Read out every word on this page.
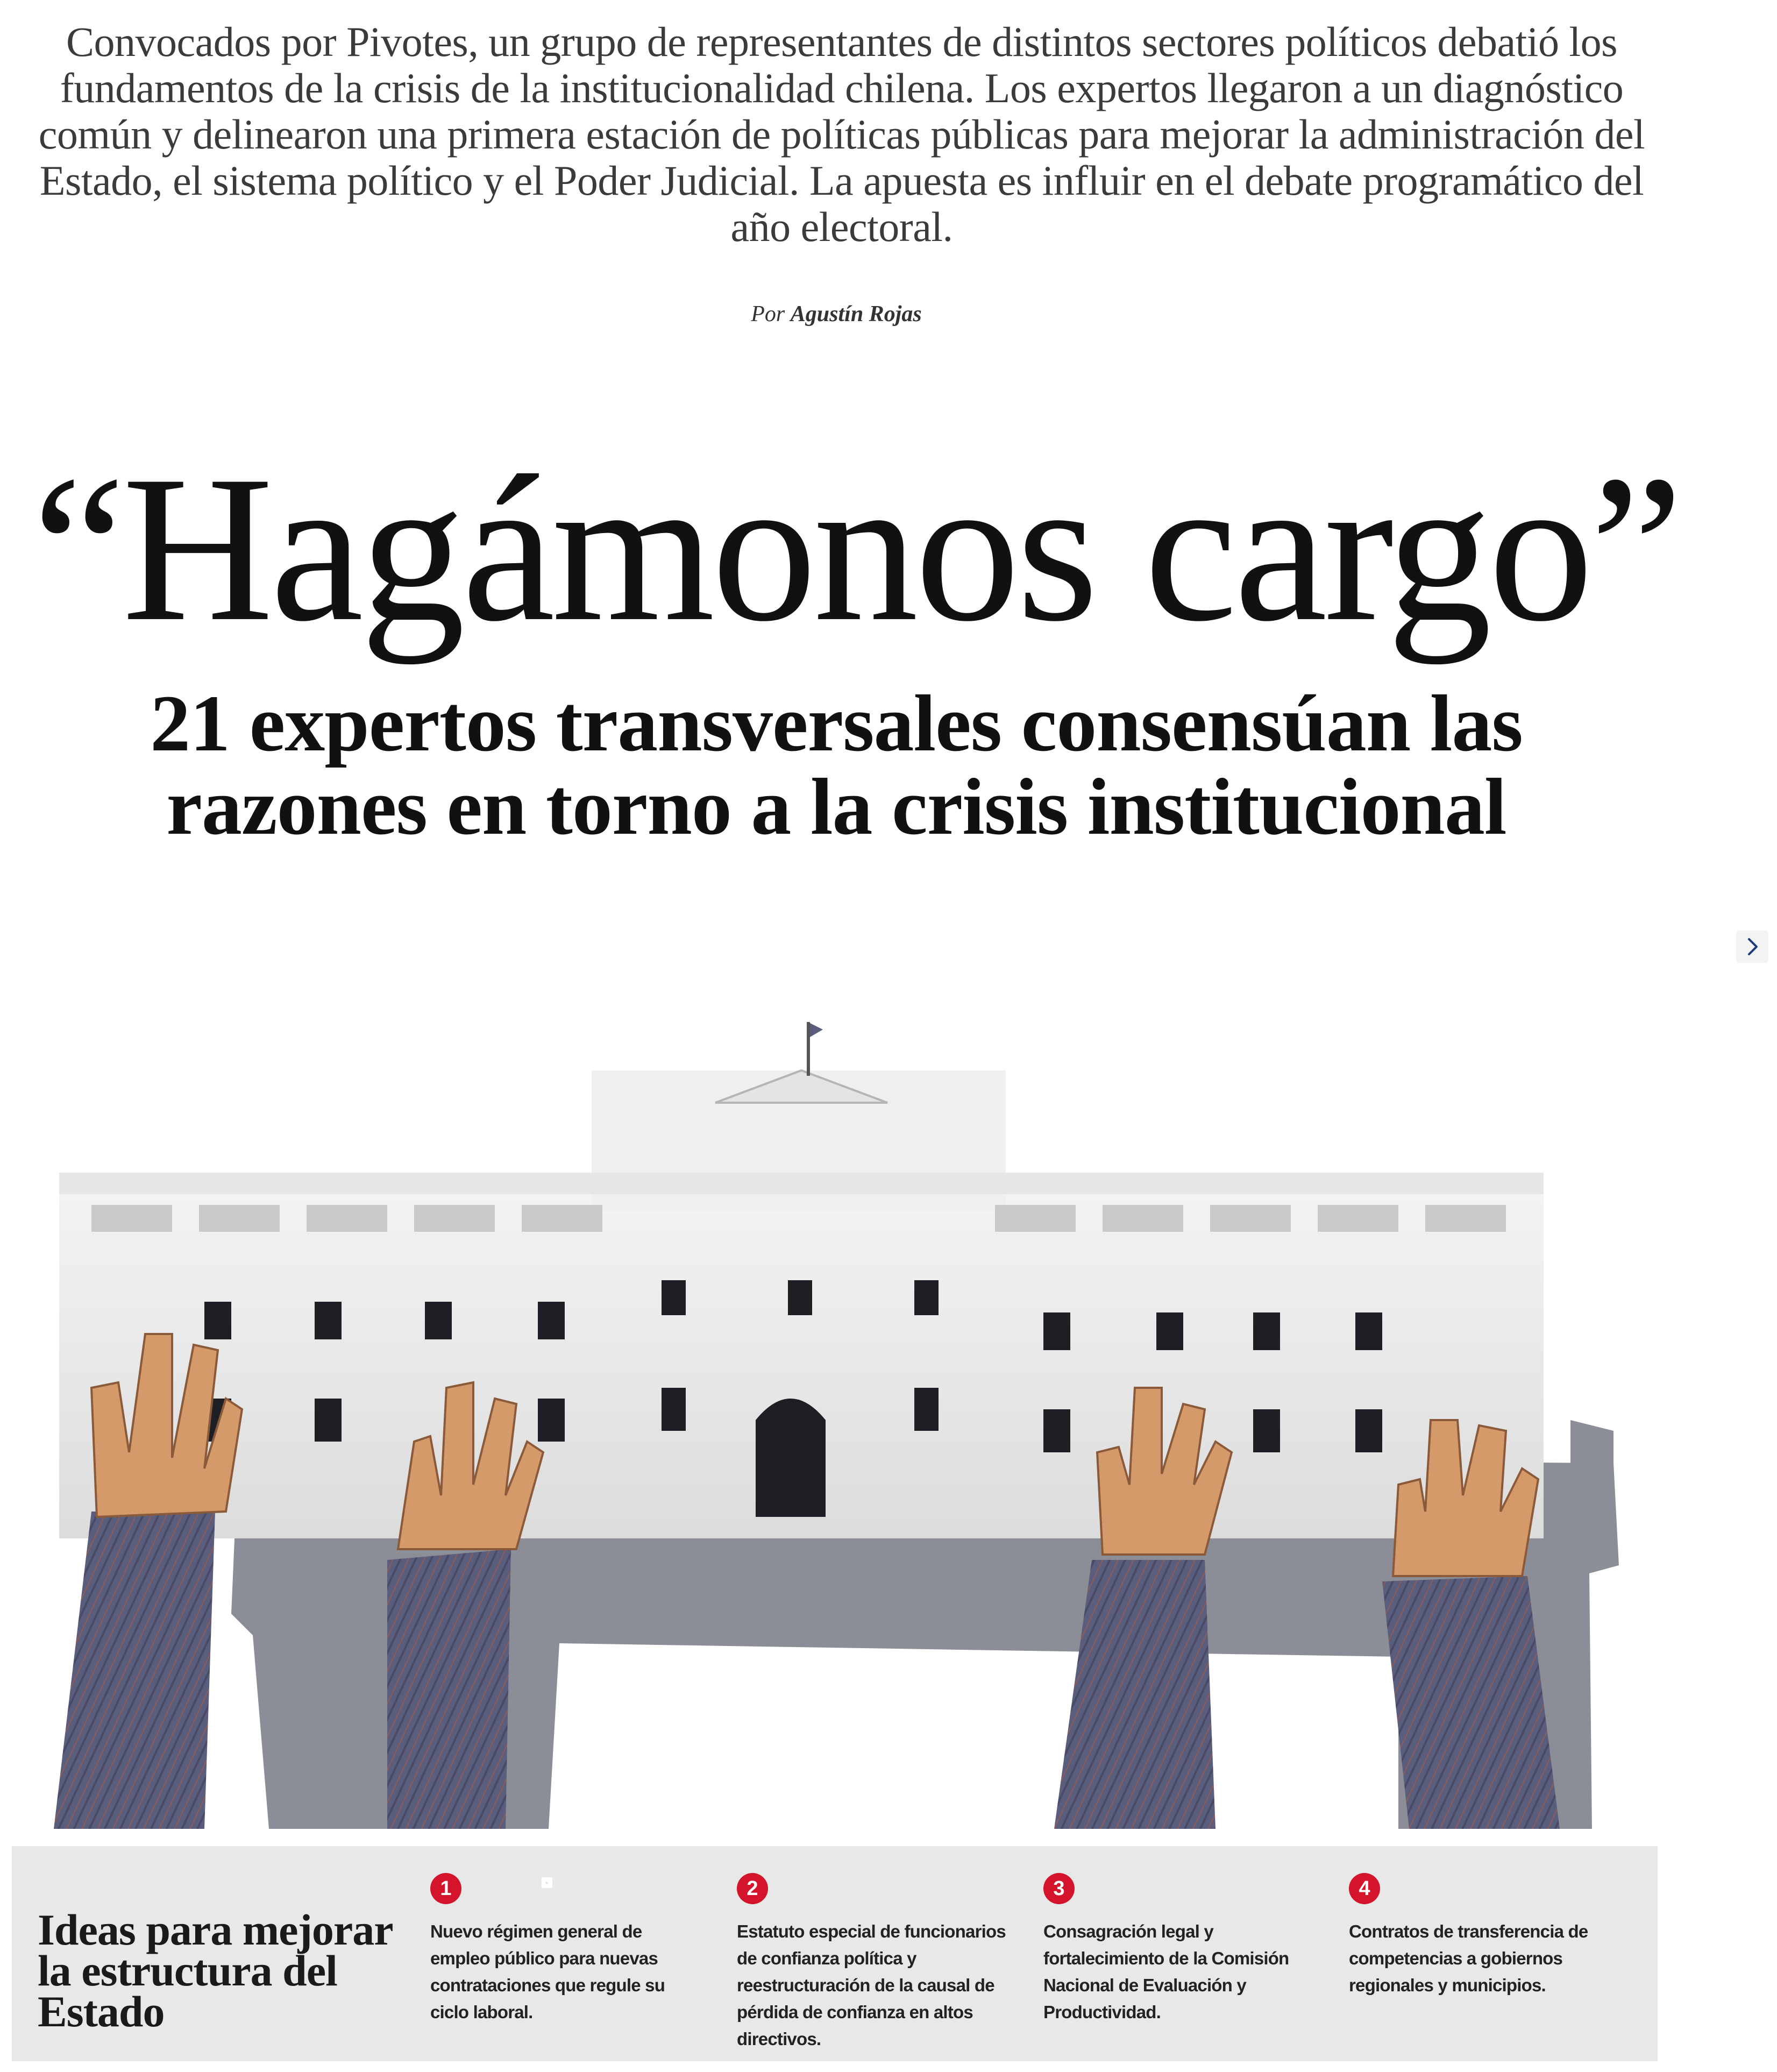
Convocados por Pivotes, un grupo de representantes de distintos sectores políticos debatió los fundamentos de la crisis de la institucionalidad chilena. Los expertos llegaron a un diagnóstico común y delinearon una primera estación de políticas públicas para mejorar la administración del Estado, el sistema político y el Poder Judicial. La apuesta es influir en el debate programático del año electoral.
Por Agustín Rojas
“Hagámonos cargo”
21 expertos transversales consensúan las razones en torno a la crisis institucional
Ideas para mejorar la estructura del Estado
▫
1
Nuevo régimen general de empleo público para nuevas contrataciones que regule su ciclo laboral.
2
Estatuto especial de funcionarios de confianza política y reestructuración de la causal de pérdida de confianza en altos directivos.
3
Consagración legal y fortalecimiento de la Comisión Nacional de Evaluación y Productividad.
4
Contratos de transferencia de competencias a gobiernos regionales y municipios.
